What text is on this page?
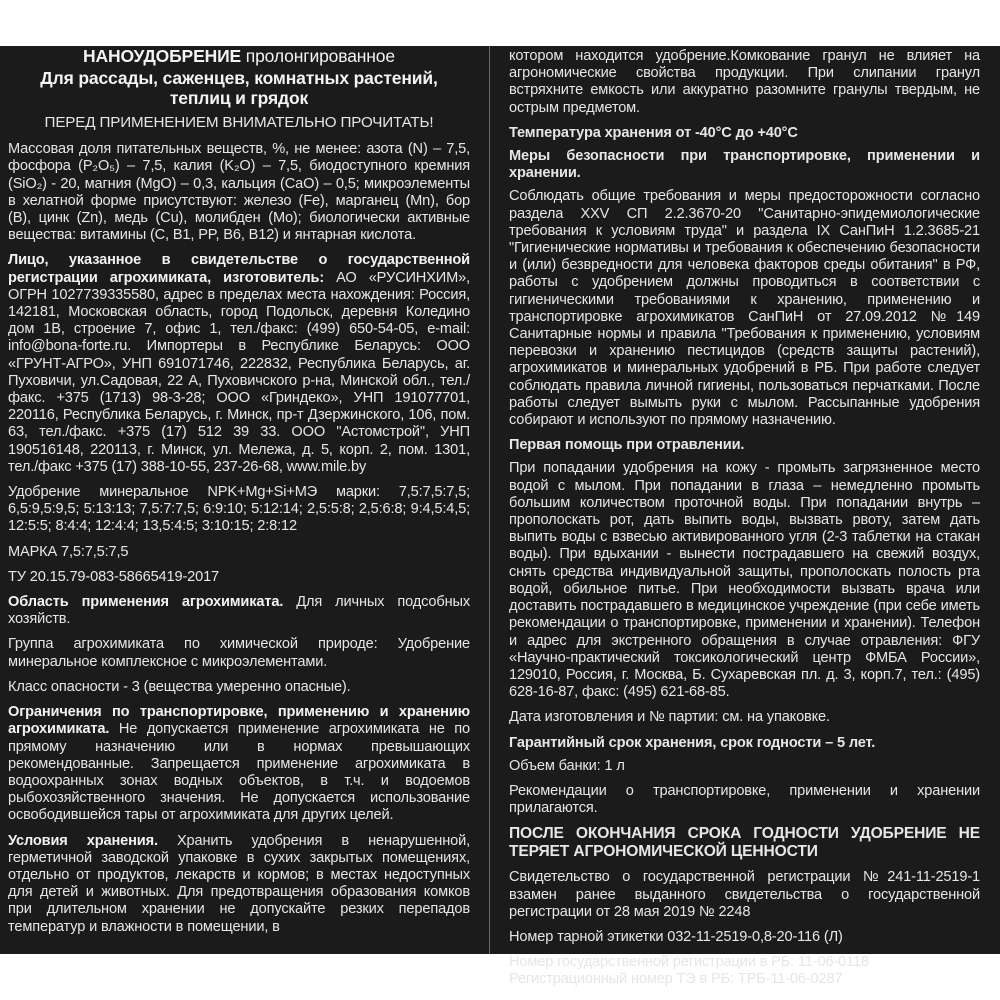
НАНОУДОБРЕНИЕ пролонгированное
Для рассады, саженцев, комнатных растений, теплиц и грядок
ПЕРЕД ПРИМЕНЕНИЕМ ВНИМАТЕЛЬНО ПРОЧИТАТЬ!

Массовая доля питательных веществ, %, не менее: азота (N) – 7,5, фосфора (P₂O₅) – 7,5, калия (K₂O) – 7,5, биодоступного кремния (SiO₂) - 20, магния (MgO) – 0,3, кальция (CaO) – 0,5; микроэлементы в хелатной форме присутствуют: железо (Fe), марганец (Mn), бор (B), цинк (Zn), медь (Cu), молибден (Mo); биологически активные вещества: витамины (C, B1, PP, B6, B12) и янтарная кислота.

Лицо, указанное в свидетельстве о государственной регистрации агрохимиката, изготовитель: АО «РУСИНХИМ», ОГРН 1027739335580, адрес в пределах места нахождения: Россия, 142181, Московская область, город Подольск, деревня Коледино дом 1В, строение 7, офис 1, тел./факс: (499) 650-54-05, e-mail: info@bona-forte.ru. Импортеры в Республике Беларусь: ООО «ГРУНТ-АГРО», УНП 691071746, 222832, Республика Беларусь, аг. Пуховичи, ул.Садовая, 22 А, Пуховичского р-на, Минской обл., тел./факс. +375 (1713) 98-3-28; ООО «Гриндеко», УНП 191077701, 220116, Республика Беларусь, г. Минск, пр-т Дзержинского, 106, пом. 63, тел./факс. +375 (17) 512 39 33. ООО "Астомстрой", УНП 190516148, 220113, г. Минск, ул. Мележа, д. 5, корп. 2, пом. 1301, тел./факс +375 (17) 388-10-55, 237-26-68, www.mile.by

Удобрение минеральное NPK+Mg+Si+МЭ марки: 7,5:7,5:7,5; 6,5:9,5:9,5; 5:13:13; 7,5:7:7,5; 6:9:10; 5:12:14; 2,5:5:8; 2,5:6:8; 9:4,5:4,5; 12:5:5; 8:4:4; 12:4:4; 13,5:4:5; 3:10:15; 2:8:12

МАРКА 7,5:7,5:7,5

ТУ 20.15.79-083-58665419-2017

Область применения агрохимиката. Для личных подсобных хозяйств.

Группа агрохимиката по химической природе: Удобрение минеральное комплексное с микроэлементами.

Класс опасности - 3 (вещества умеренно опасные).

Ограничения по транспортировке, применению и хранению агрохимиката. Не допускается применение агрохимиката не по прямому назначению или в нормах превышающих рекомендованные. Запрещается применение агрохимиката в водоохранных зонах водных объектов, в т.ч. и водоемов рыбохозяйственного значения. Не допускается использование освободившейся тары от агрохимиката для других целей.

Условия хранения. Хранить удобрения в ненарушенной, герметичной заводской упаковке в сухих закрытых помещениях, отдельно от продуктов, лекарств и кормов; в местах недоступных для детей и животных. Для предотвращения образования комков при длительном хранении не допускайте резких перепадов температур и влажности в помещении, в

котором находится удобрение.Комкование гранул не влияет на агрономические свойства продукции. При слипании гранул встряхните емкость или аккуратно разомните гранулы твердым, не острым предметом.

Температура хранения от -40°С до +40°С

Меры безопасности при транспортировке, применении и хранении.

Соблюдать общие требования и меры предосторожности согласно раздела XXV СП 2.2.3670-20 "Санитарно-эпидемиологические требования к условиям труда" и раздела IX СанПиН 1.2.3685-21 "Гигиенические нормативы и требования к обеспечению безопасности и (или) безвредности для человека факторов среды обитания" в РФ, работы с удобрением должны проводиться в соответствии с гигиеническими требованиями к хранению, применению и транспортировке агрохимикатов СанПиН от 27.09.2012 №149 Санитарные нормы и правила "Требования к применению, условиям перевозки и хранению пестицидов (средств защиты растений), агрохимикатов и минеральных удобрений в РБ. При работе следует соблюдать правила личной гигиены, пользоваться перчатками. После работы следует вымыть руки с мылом. Рассыпанные удобрения собирают и используют по прямому назначению.

Первая помощь при отравлении.

При попадании удобрения на кожу - промыть загрязненное место водой с мылом. При попадании в глаза – немедленно промыть большим количеством проточной воды. При попадании внутрь – прополоскать рот, дать выпить воды, вызвать рвоту, затем дать выпить воды с взвесью активированного угля (2-3 таблетки на стакан воды). При вдыхании - вынести пострадавшего на свежий воздух, снять средства индивидуальной защиты, прополоскать полость рта водой, обильное питье. При необходимости вызвать врача или доставить пострадавшего в медицинское учреждение (при себе иметь рекомендации о транспортировке, применении и хранении). Телефон и адрес для экстренного обращения в случае отравления: ФГУ «Научно-практический токсикологический центр ФМБА России», 129010, Россия, г. Москва, Б. Сухаревская пл. д. 3, корп.7, тел.: (495) 628-16-87, факс: (495) 621-68-85.

Дата изготовления и № партии: см. на упаковке.

Гарантийный срок хранения, срок годности – 5 лет.

Объем банки: 1 л

Рекомендации о транспортировке, применении и хранении прилагаются.

ПОСЛЕ ОКОНЧАНИЯ СРОКА ГОДНОСТИ УДОБРЕНИЕ НЕ ТЕРЯЕТ АГРОНОМИЧЕСКОЙ ЦЕННОСТИ

Свидетельство о государственной регистрации №241-11-2519-1 взамен ранее выданного свидетельства о государственной регистрации от 28 мая 2019 № 2248

Номер тарной этикетки 032-11-2519-0,8-20-116 (Л)

Номер государственной регистрации в РБ: 11-06-0118

Регистрационный номер ТЭ в РБ: ТРБ-11-06-0287
